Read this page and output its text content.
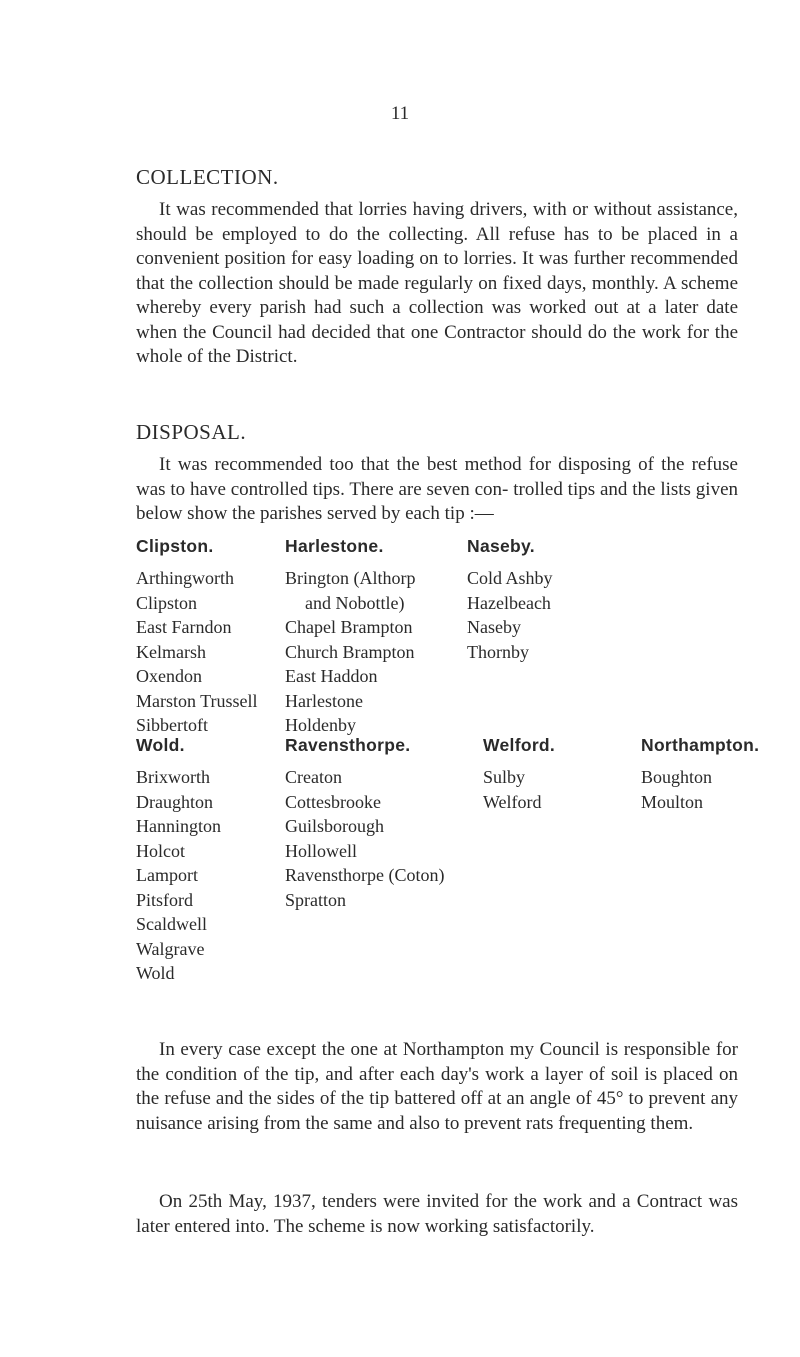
11
COLLECTION.

It was recommended that lorries having drivers, with or without assistance, should be employed to do the collecting. All refuse has to be placed in a convenient position for easy loading on to lorries. It was further recommended that the collection should be made regularly on fixed days, monthly. A scheme whereby every parish had such a collection was worked out at a later date when the Council had decided that one Contractor should do the work for the whole of the District.

DISPOSAL.

It was recommended too that the best method for disposing of the refuse was to have controlled tips. There are seven con- trolled tips and the lists given below show the parishes served by each tip :—

Clipston.
Arthingworth
Clipston
East Farndon
Kelmarsh
Oxendon
Marston Trussell
Sibbertoft
Harlestone.
Brington (Althorp
and Nobottle)
Chapel Brampton
Church Brampton
East Haddon
Harlestone
Holdenby
Naseby.
Cold Ashby
Hazelbeach
Naseby
Thornby
Wold.
Brixworth
Draughton
Hannington
Holcot
Lamport
Pitsford
Scaldwell
Walgrave
Wold
Ravensthorpe.
Creaton
Cottesbrooke
Guilsborough
Hollowell
Ravensthorpe (Coton)
Spratton
Welford.
Sulby
Welford
Northampton.
Boughton
Moulton

In every case except the one at Northampton my Council is responsible for the condition of the tip, and after each day's work a layer of soil is placed on the refuse and the sides of the tip battered off at an angle of 45° to prevent any nuisance arising from the same and also to prevent rats frequenting them.

On 25th May, 1937, tenders were invited for the work and a Contract was later entered into. The scheme is now working satisfactorily.
